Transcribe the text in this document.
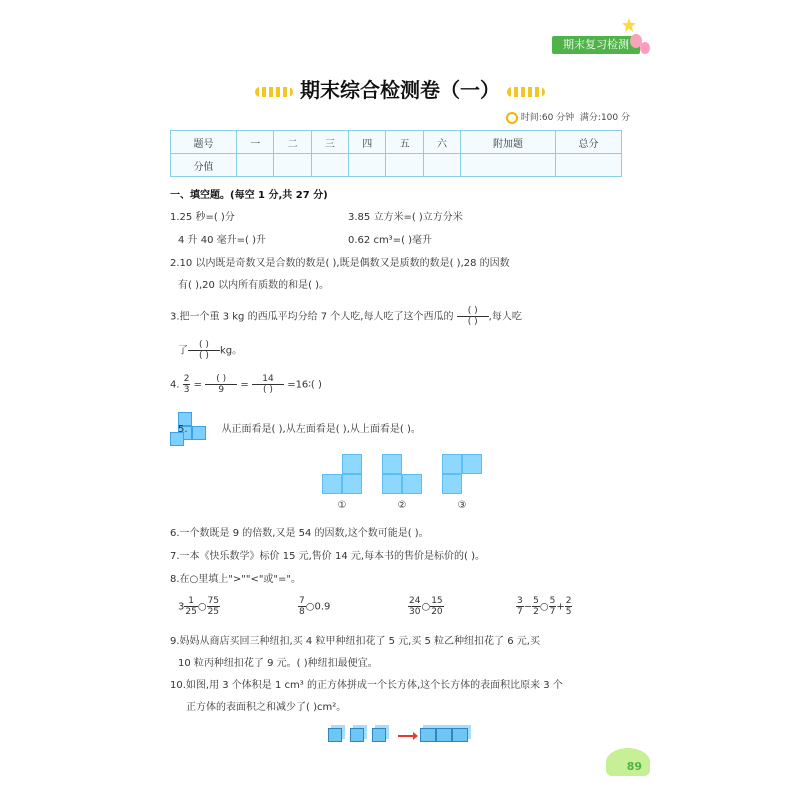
期末复习检测
期末综合检测卷（一）
时间:60 分钟 满分:100 分
题号	一	二	三	四	五	六	附加题	总分
分值								
一、填空题。(每空 1 分,共 27 分)
1.25 秒=( )分	3.85 立方米=( )立方分米
4 升 40 毫升=( )升	0.62 cm³=( )毫升
2.10 以内既是奇数又是合数的数是( ),既是偶数又是质数的数是( ),28 的因数
有( ),20 以内所有质数的和是( )。
3.把一个重 3 kg 的西瓜平均分给 7 个人吃,每人吃了这个西瓜的 $\frac{( )}{( )}$ ,每人吃
了 $\frac{( )}{( )}$ kg。
4. $\frac{2}{3} = \frac{( )}{9} = \frac{14}{( )}$ =16∶( )
5.	从正面看是( ),从左面看是( ),从上面看是( )。
①	②	③
6.一个数既是 9 的倍数,又是 54 的因数,这个数可能是( )。
7.一本《快乐数学》标价 15 元,售价 14 元,每本书的售价是标价的( )。
8.在○里填上">""<"或"="。
$3 \frac{1}{25}$ ○ $\frac{75}{25}$	$\frac{7}{8}$ ○0.9	$\frac{24}{30}$ ○ $\frac{15}{20}$	$\frac{3}{7} - \frac{5}{2}$ ○ $\frac{5}{7} + \frac{2}{5}$
9.妈妈从商店买回三种纽扣,买 4 粒甲种纽扣花了 5 元,买 5 粒乙种纽扣花了 6 元,买
10 粒丙种纽扣花了 9 元。( )种纽扣最便宜。
10.如图,用 3 个体积是 1 cm³ 的正方体拼成一个长方体,这个长方体的表面积比原来 3 个
正方体的表面积之和减少了( )cm²。
89
